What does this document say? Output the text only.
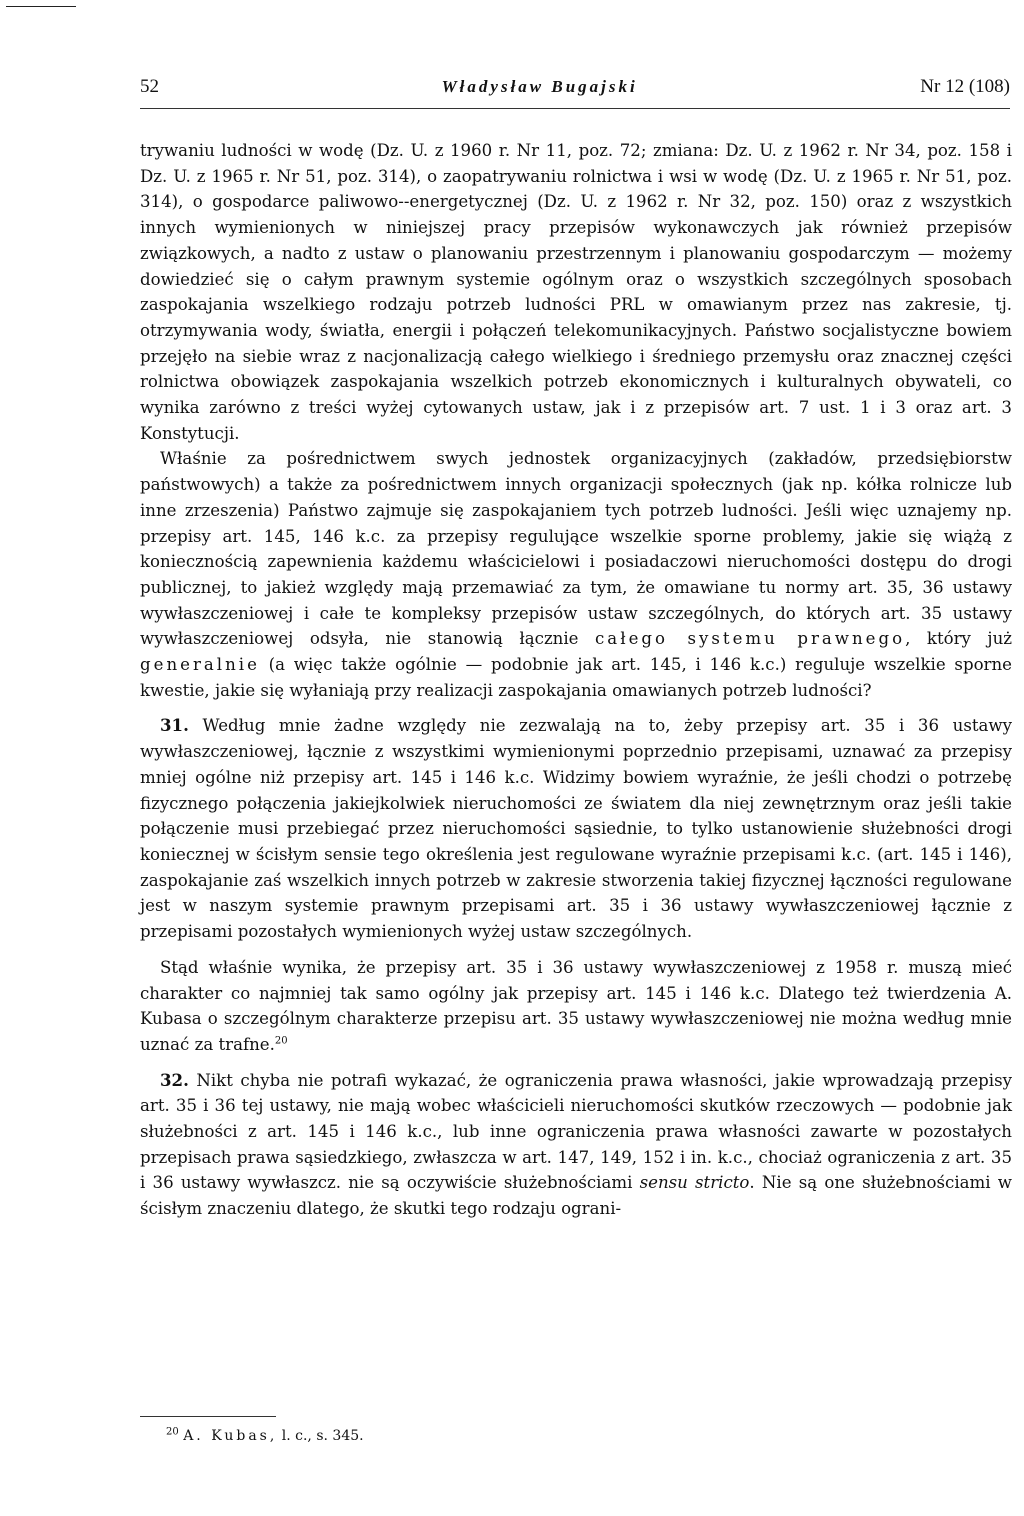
52	Władysław Bugajski	Nr 12 (108)

trywaniu ludności w wodę (Dz. U. z 1960 r. Nr 11, poz. 72; zmiana: Dz. U. z 1962 r. Nr 34, poz. 158 i Dz. U. z 1965 r. Nr 51, poz. 314), o zaopatrywaniu rolnictwa i wsi w wodę (Dz. U. z 1965 r. Nr 51, poz. 314), o gospodarce paliwowo--energetycznej (Dz. U. z 1962 r. Nr 32, poz. 150) oraz z wszystkich innych wymienionych w niniejszej pracy przepisów wykonawczych jak również przepisów związkowych, a nadto z ustaw o planowaniu przestrzennym i planowaniu gospodarczym — możemy dowiedzieć się o całym prawnym systemie ogólnym oraz o wszystkich szczególnych sposobach zaspokajania wszelkiego rodzaju potrzeb ludności PRL w omawianym przez nas zakresie, tj. otrzymywania wody, światła, energii i połączeń telekomunikacyjnych. Państwo socjalistyczne bowiem przejęło na siebie wraz z nacjonalizacją całego wielkiego i średniego przemysłu oraz znacznej części rolnictwa obowiązek zaspokajania wszelkich potrzeb ekonomicznych i kulturalnych obywateli, co wynika zarówno z treści wyżej cytowanych ustaw, jak i z przepisów art. 7 ust. 1 i 3 oraz art. 3 Konstytucji.

Właśnie za pośrednictwem swych jednostek organizacyjnych (zakładów, przedsiębiorstw państwowych) a także za pośrednictwem innych organizacji społecznych (jak np. kółka rolnicze lub inne zrzeszenia) Państwo zajmuje się zaspokajaniem tych potrzeb ludności. Jeśli więc uznajemy np. przepisy art. 145, 146 k.c. za przepisy regulujące wszelkie sporne problemy, jakie się wiążą z koniecznością zapewnienia każdemu właścicielowi i posiadaczowi nieruchomości dostępu do drogi publicznej, to jakież względy mają przemawiać za tym, że omawiane tu normy art. 35, 36 ustawy wywłaszczeniowej i całe te kompleksy przepisów ustaw szczególnych, do których art. 35 ustawy wywłaszczeniowej odsyła, nie stanowią łącznie całego systemu prawnego, który już generalnie (a więc także ogólnie — podobnie jak art. 145, i 146 k.c.) reguluje wszelkie sporne kwestie, jakie się wyłaniają przy realizacji zaspokajania omawianych potrzeb ludności?

31. Według mnie żadne względy nie zezwalają na to, żeby przepisy art. 35 i 36 ustawy wywłaszczeniowej, łącznie z wszystkimi wymienionymi poprzednio przepisami, uznawać za przepisy mniej ogólne niż przepisy art. 145 i 146 k.c. Widzimy bowiem wyraźnie, że jeśli chodzi o potrzebę fizycznego połączenia jakiejkolwiek nieruchomości ze światem dla niej zewnętrznym oraz jeśli takie połączenie musi przebiegać przez nieruchomości sąsiednie, to tylko ustanowienie służebności drogi koniecznej w ścisłym sensie tego określenia jest regulowane wyraźnie przepisami k.c. (art. 145 i 146), zaspokajanie zaś wszelkich innych potrzeb w zakresie stworzenia takiej fizycznej łączności regulowane jest w naszym systemie prawnym przepisami art. 35 i 36 ustawy wywłaszczeniowej łącznie z przepisami pozostałych wymienionych wyżej ustaw szczególnych.

Stąd właśnie wynika, że przepisy art. 35 i 36 ustawy wywłaszczeniowej z 1958 r. muszą mieć charakter co najmniej tak samo ogólny jak przepisy art. 145 i 146 k.c. Dlatego też twierdzenia A. Kubasa o szczególnym charakterze przepisu art. 35 ustawy wywłaszczeniowej nie można według mnie uznać za trafne.$^{20}$

32. Nikt chyba nie potrafi wykazać, że ograniczenia prawa własności, jakie wprowadzają przepisy art. 35 i 36 tej ustawy, nie mają wobec właścicieli nieruchomości skutków rzeczowych — podobnie jak służebności z art. 145 i 146 k.c., lub inne ograniczenia prawa własności zawarte w pozostałych przepisach prawa sąsiedzkiego, zwłaszcza w art. 147, 149, 152 i in. k.c., chociaż ograniczenia z art. 35 i 36 ustawy wywłaszcz. nie są oczywiście służebnościami sensu stricto. Nie są one służebnościami w ścisłym znaczeniu dlatego, że skutki tego rodzaju ograni-

$^{20}$ A. Kubas, l. c., s. 345.
